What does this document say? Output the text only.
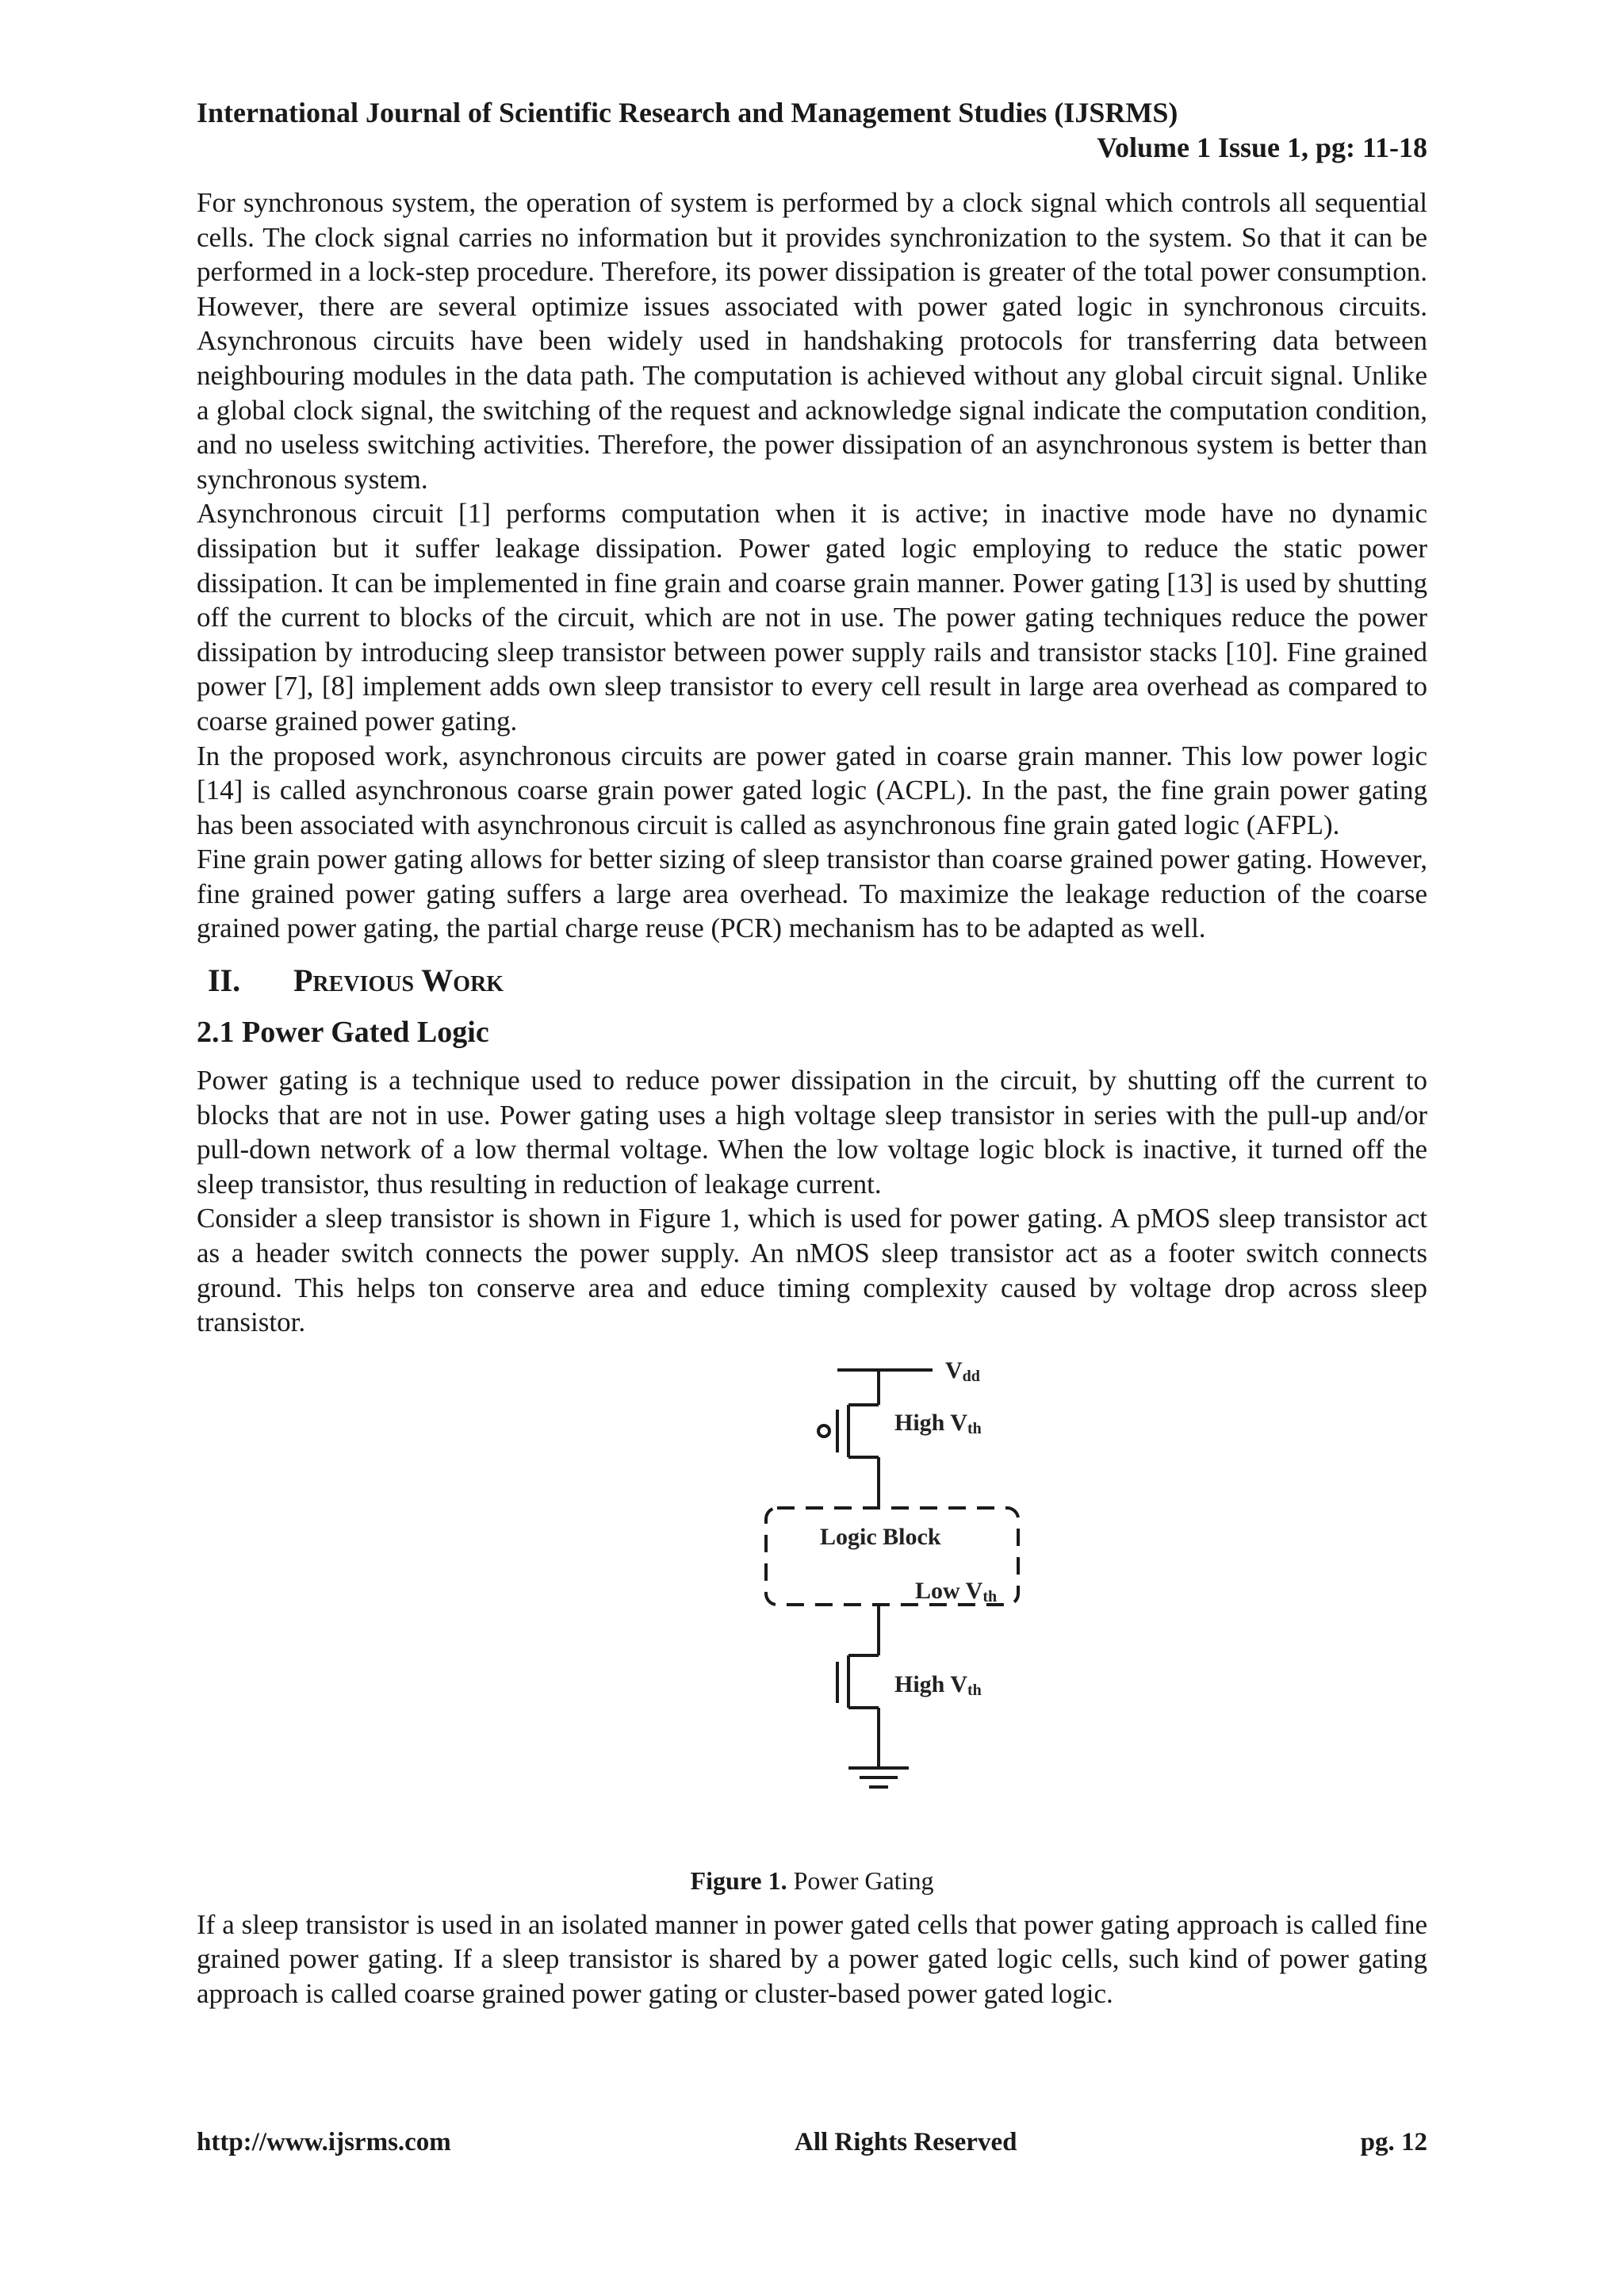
International Journal of Scientific Research and Management Studies (IJSRMS)
Volume 1 Issue 1, pg: 11-18

For synchronous system, the operation of system is performed by a clock signal which controls all sequential cells. The clock signal carries no information but it provides synchronization to the system. So that it can be performed in a lock-step procedure. Therefore, its power dissipation is greater of the total power consumption. However, there are several optimize issues associated with power gated logic in synchronous circuits. Asynchronous circuits have been widely used in handshaking protocols for transferring data between neighbouring modules in the data path. The computation is achieved without any global circuit signal. Unlike a global clock signal, the switching of the request and acknowledge signal indicate the computation condition, and no useless switching activities. Therefore, the power dissipation of an asynchronous system is better than synchronous system.

Asynchronous circuit [1] performs computation when it is active; in inactive mode have no dynamic dissipation but it suffer leakage dissipation. Power gated logic employing to reduce the static power dissipation. It can be implemented in fine grain and coarse grain manner. Power gating [13] is used by shutting off the current to blocks of the circuit, which are not in use. The power gating techniques reduce the power dissipation by introducing sleep transistor between power supply rails and transistor stacks [10]. Fine grained power [7], [8] implement adds own sleep transistor to every cell result in large area overhead as compared to coarse grained power gating.

In the proposed work, asynchronous circuits are power gated in coarse grain manner. This low power logic [14] is called asynchronous coarse grain power gated logic (ACPL). In the past, the fine grain power gating has been associated with asynchronous circuit is called as asynchronous fine grain gated logic (AFPL).

Fine grain power gating allows for better sizing of sleep transistor than coarse grained power gating. However, fine grained power gating suffers a large area overhead. To maximize the leakage reduction of the coarse grained power gating, the partial charge reuse (PCR) mechanism has to be adapted as well.

II. Previous Work
2.1 Power Gated Logic

Power gating is a technique used to reduce power dissipation in the circuit, by shutting off the current to blocks that are not in use. Power gating uses a high voltage sleep transistor in series with the pull-up and/or pull-down network of a low thermal voltage. When the low voltage logic block is inactive, it turned off the sleep transistor, thus resulting in reduction of leakage current.

Consider a sleep transistor is shown in Figure 1, which is used for power gating. A pMOS sleep transistor act as a header switch connects the power supply. An nMOS sleep transistor act as a footer switch connects ground. This helps ton conserve area and educe timing complexity caused by voltage drop across sleep transistor.

Vdd
High Vth
Logic Block
Low Vth
High Vth

Figure 1. Power Gating

If a sleep transistor is used in an isolated manner in power gated cells that power gating approach is called fine grained power gating. If a sleep transistor is shared by a power gated logic cells, such kind of power gating approach is called coarse grained power gating or cluster-based power gated logic.

http://www.ijsrms.com	All Rights Reserved	pg. 12
